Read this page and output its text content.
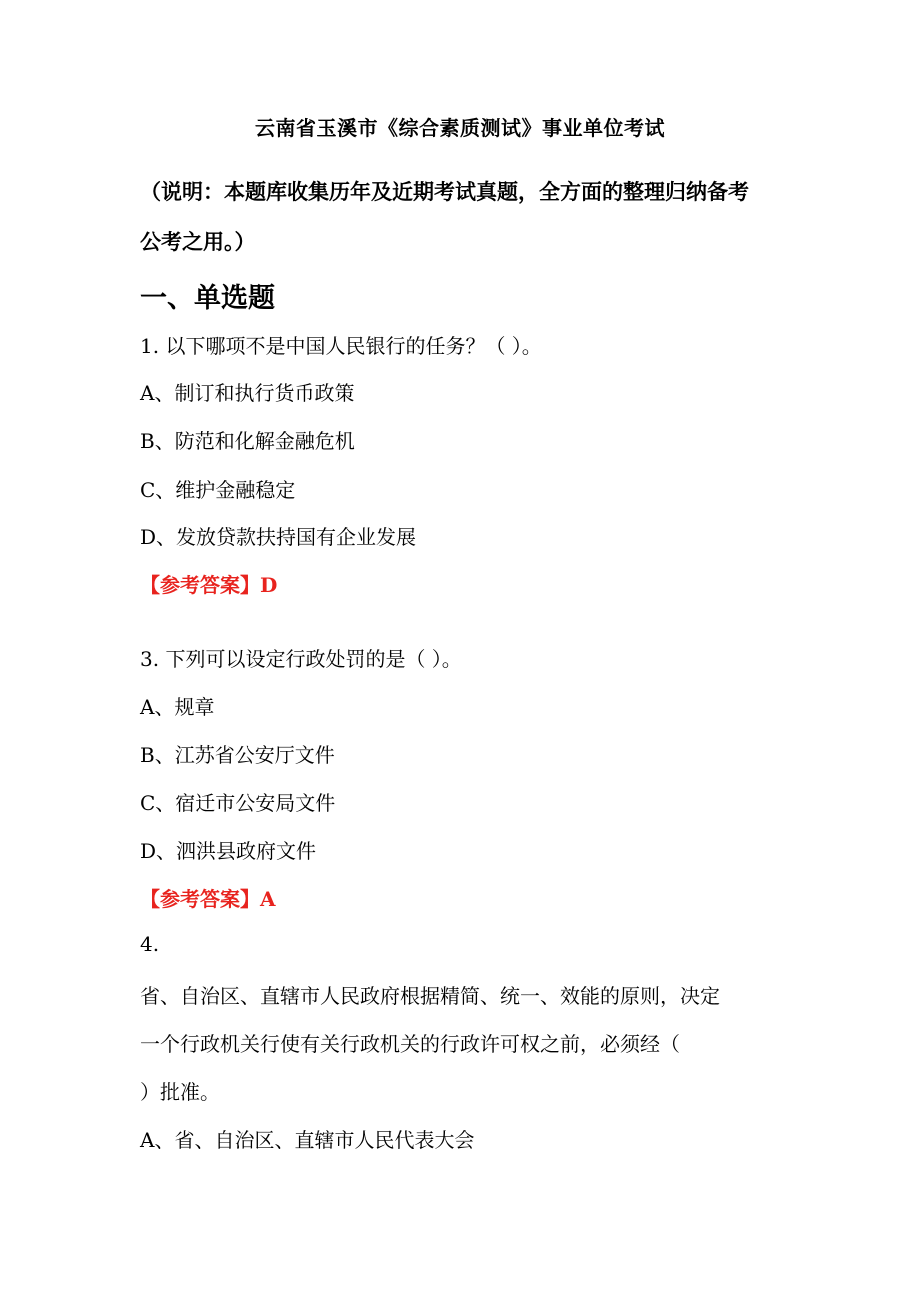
云南省玉溪市《综合素质测试》事业单位考试
（说明：本题库收集历年及近期考试真题，全方面的整理归纳备考
公考之用。）
一、单选题
1. 以下哪项不是中国人民银行的任务？（ ）。
A、制订和执行货币政策
B、防范和化解金融危机
C、维护金融稳定
D、发放贷款扶持国有企业发展
【参考答案】D
3. 下列可以设定行政处罚的是（ ）。
A、规章
B、江苏省公安厅文件
C、宿迁市公安局文件
D、泗洪县政府文件
【参考答案】A
4.
省、自治区、直辖市人民政府根据精简、统一、效能的原则，决定
一个行政机关行使有关行政机关的行政许可权之前，必须经（
）批准。
A、省、自治区、直辖市人民代表大会
